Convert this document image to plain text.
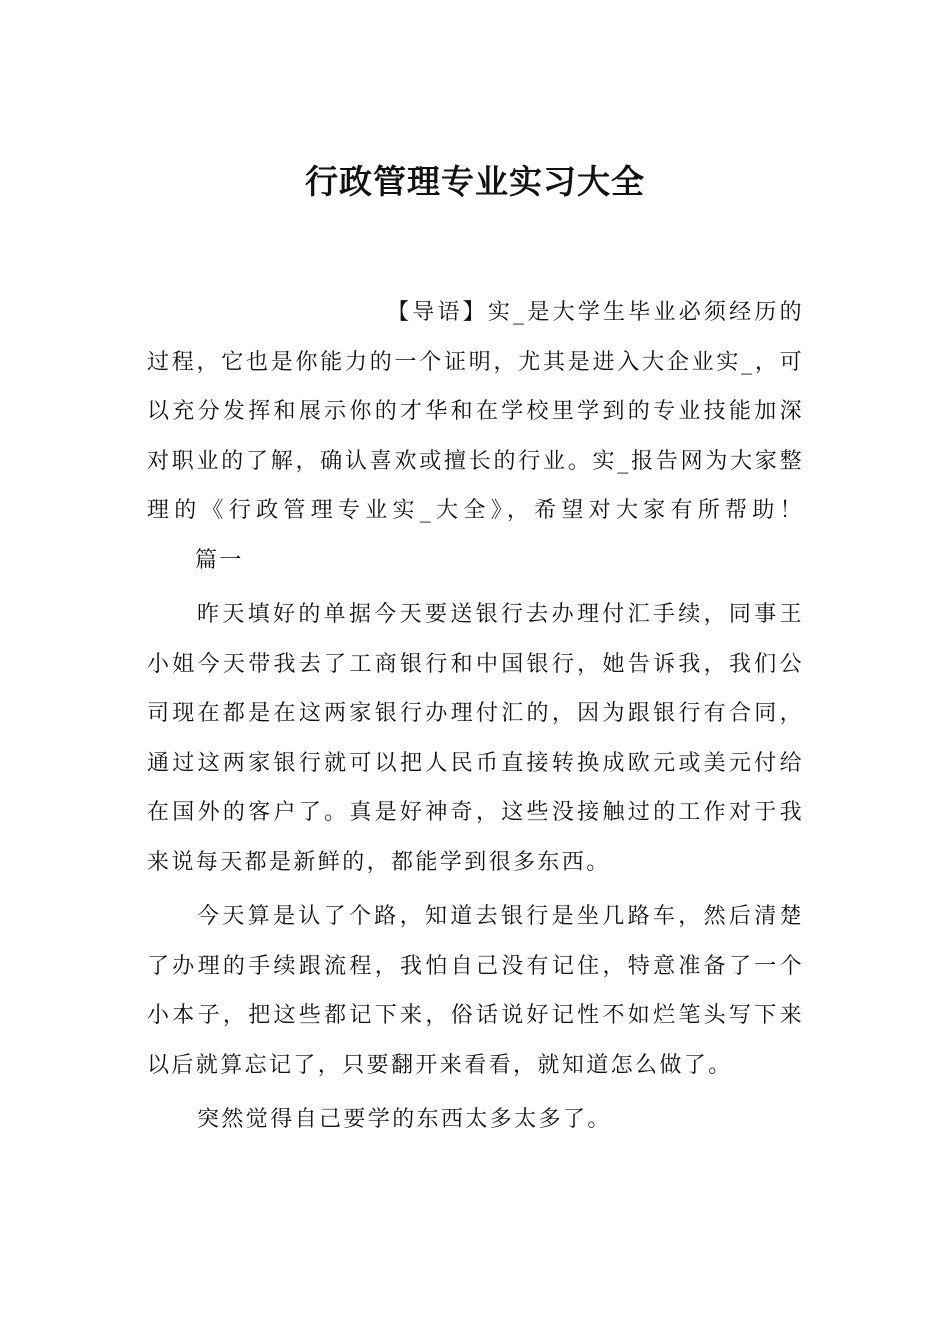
行政管理专业实习大全

【导语】实_是大学生毕业必须经历的过程，它也是你能力的一个证明，尤其是进入大企业实_，可以充分发挥和展示你的才华和在学校里学到的专业技能加深对职业的了解，确认喜欢或擅长的行业。实_报告网为大家整理的《行政管理专业实_大全》，希望对大家有所帮助！篇一

昨天填好的单据今天要送银行去办理付汇手续，同事王小姐今天带我去了工商银行和中国银行，她告诉我，我们公司现在都是在这两家银行办理付汇的，因为跟银行有合同，通过这两家银行就可以把人民币直接转换成欧元或美元付给在国外的客户了。真是好神奇，这些没接触过的工作对于我来说每天都是新鲜的，都能学到很多东西。

今天算是认了个路，知道去银行是坐几路车，然后清楚了办理的手续跟流程，我怕自己没有记住，特意准备了一个小本子，把这些都记下来，俗话说好记性不如烂笔头写下来以后就算忘记了，只要翻开来看看，就知道怎么做了。

突然觉得自己要学的东西太多太多了。
